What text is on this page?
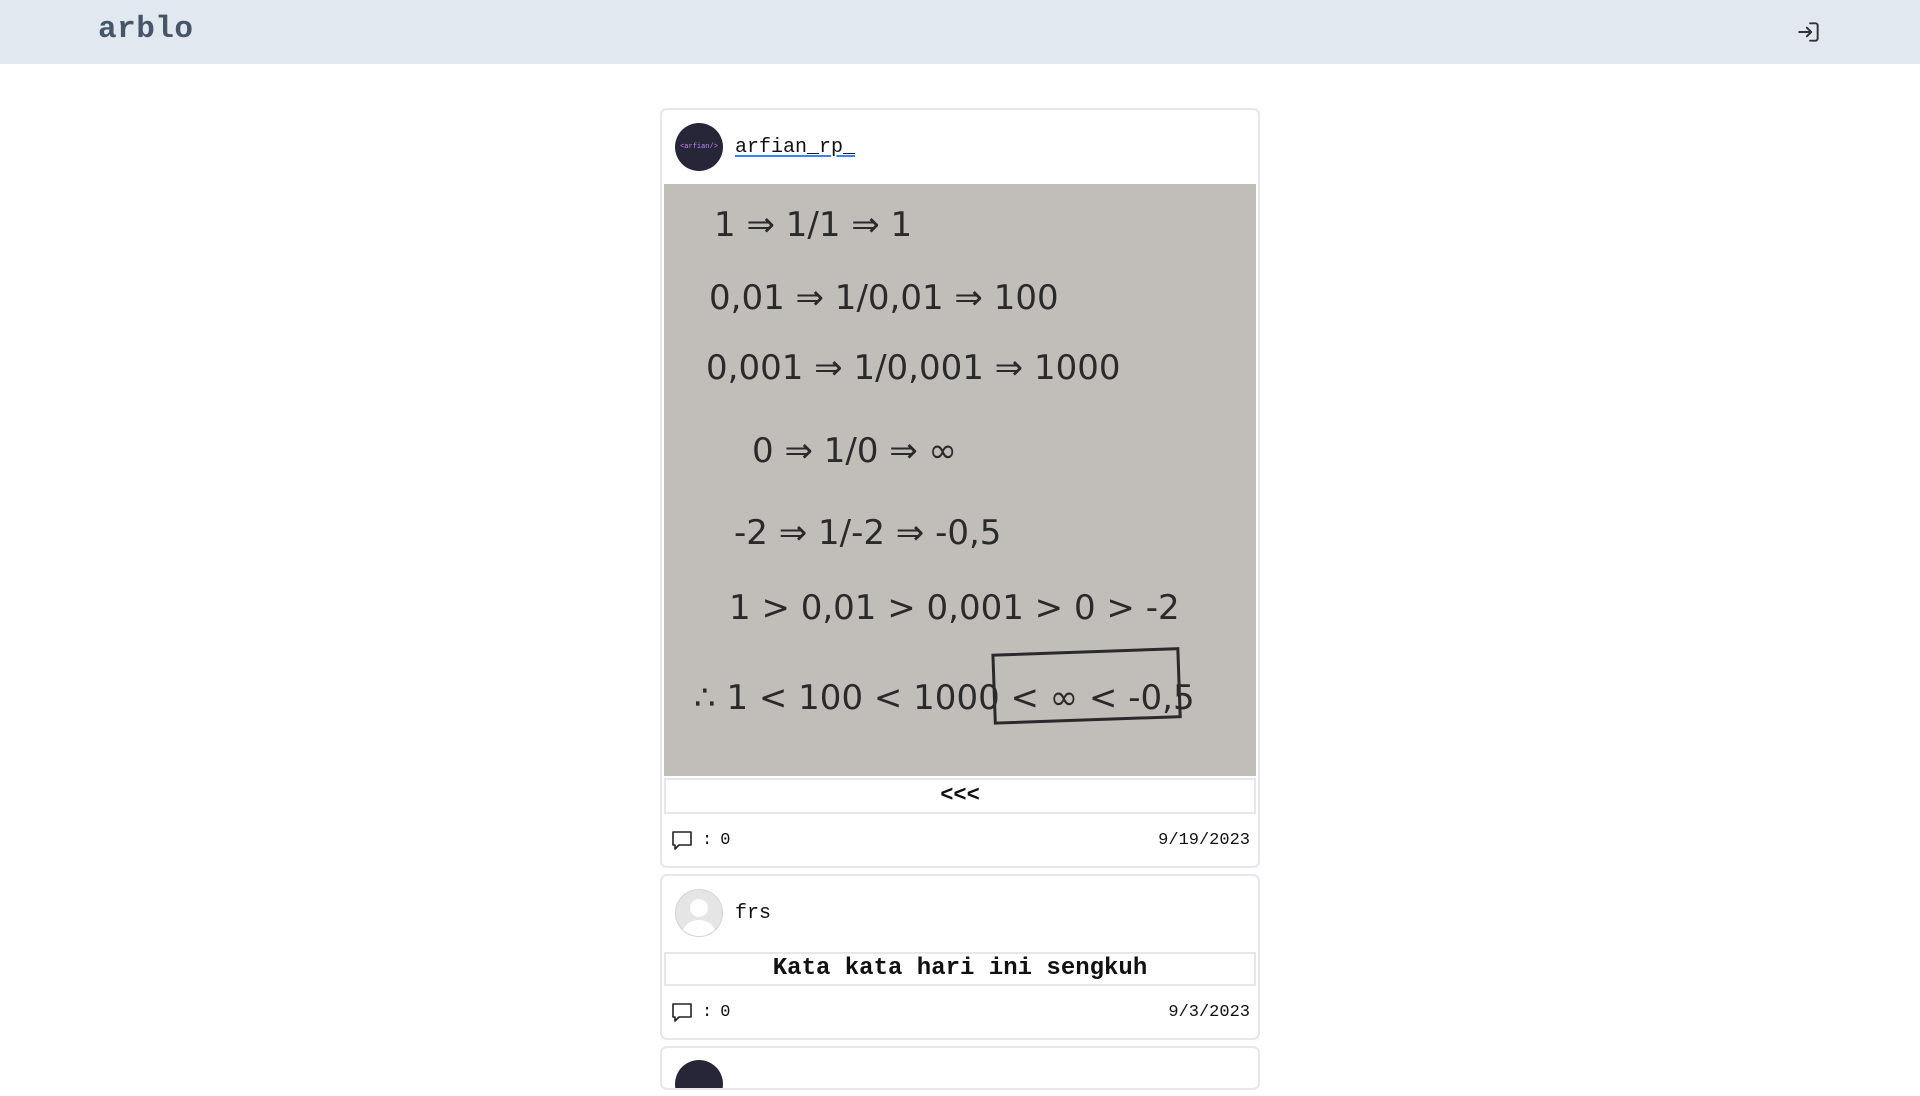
arblo
<arfian/> arfian_rp_
1 ⇒ 1/1 ⇒ 1
0,01 ⇒ 1/0,01 ⇒ 100
0,001 ⇒ 1/0,001 ⇒ 1000
0 ⇒ 1/0 ⇒ ∞
-2 ⇒ 1/-2 ⇒ -0,5
1 > 0,01 > 0,001 > 0 > -2
∴ 1 < 100 < 1000 < ∞ < -0,5
<<<
: 0	9/19/2023
frs
Kata kata hari ini sengkuh
: 0	9/3/2023
